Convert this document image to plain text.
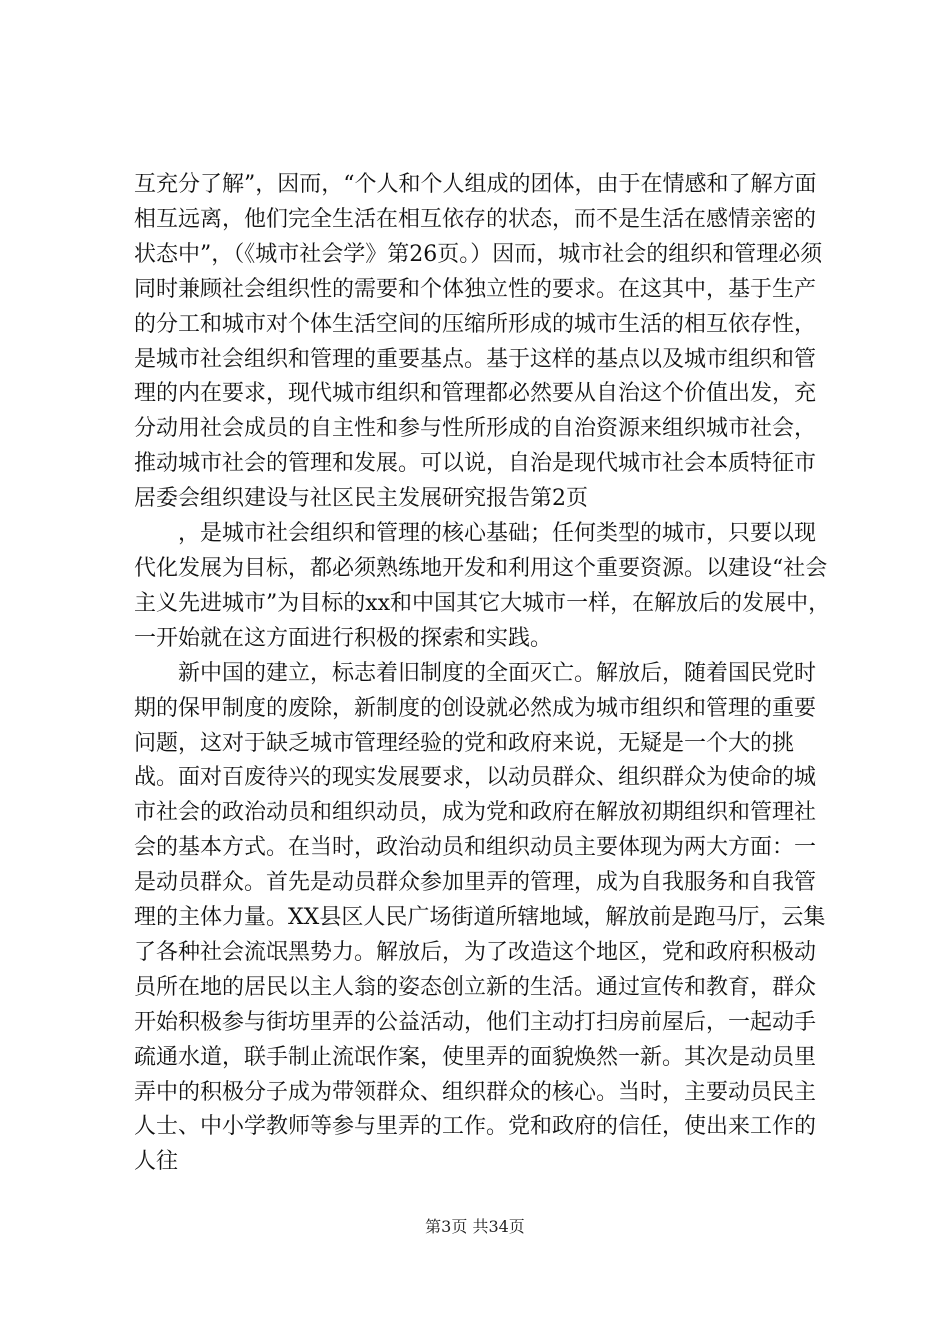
互充分了解”，因而，“个人和个人组成的团体，由于在情感和了解方面相互远离，他们完全生活在相互依存的状态，而不是生活在感情亲密的状态中”，（《城市社会学》第26页。）因而，城市社会的组织和管理必须同时兼顾社会组织性的需要和个体独立性的要求。在这其中，基于生产的分工和城市对个体生活空间的压缩所形成的城市生活的相互依存性，是城市社会组织和管理的重要基点。基于这样的基点以及城市组织和管理的内在要求，现代城市组织和管理都必然要从自治这个价值出发，充分动用社会成员的自主性和参与性所形成的自治资源来组织城市社会，推动城市社会的管理和发展。可以说，自治是现代城市社会本质特征市居委会组织建设与社区民主发展研究报告第2页

　　，是城市社会组织和管理的核心基础；任何类型的城市，只要以现代化发展为目标，都必须熟练地开发和利用这个重要资源。以建设“社会主义先进城市”为目标的xx和中国其它大城市一样，在解放后的发展中，一开始就在这方面进行积极的探索和实践。

　　新中国的建立，标志着旧制度的全面灭亡。解放后，随着国民党时期的保甲制度的废除，新制度的创设就必然成为城市组织和管理的重要问题，这对于缺乏城市管理经验的党和政府来说，无疑是一个大的挑战。面对百废待兴的现实发展要求，以动员群众、组织群众为使命的城市社会的政治动员和组织动员，成为党和政府在解放初期组织和管理社会的基本方式。在当时，政治动员和组织动员主要体现为两大方面：一是动员群众。首先是动员群众参加里弄的管理，成为自我服务和自我管理的主体力量。XX县区人民广场街道所辖地域，解放前是跑马厅，云集了各种社会流氓黑势力。解放后，为了改造这个地区，党和政府积极动员所在地的居民以主人翁的姿态创立新的生活。通过宣传和教育，群众开始积极参与街坊里弄的公益活动，他们主动打扫房前屋后，一起动手疏通水道，联手制止流氓作案，使里弄的面貌焕然一新。其次是动员里弄中的积极分子成为带领群众、组织群众的核心。当时，主要动员民主人士、中小学教师等参与里弄的工作。党和政府的信任，使出来工作的人往

第3页 共34页
